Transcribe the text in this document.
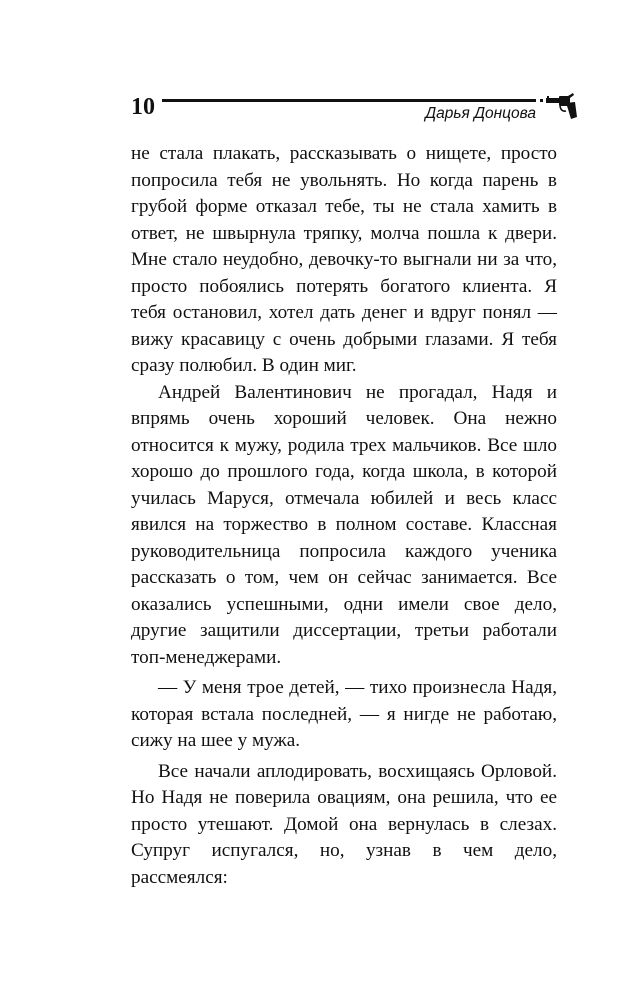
10	Дарья Донцова

не стала плакать, рассказывать о нищете, просто попросила тебя не увольнять. Но когда парень в грубой форме отказал тебе, ты не стала хамить в ответ, не швырнула тряпку, молча пошла к двери. Мне стало неудобно, девочку-то выгнали ни за что, просто побоялись потерять богатого клиента. Я тебя остановил, хотел дать денег и вдруг понял — вижу красавицу с очень добрыми глазами. Я тебя сразу полюбил. В один миг.

Андрей Валентинович не прогадал, Надя и впрямь очень хороший человек. Она нежно относится к мужу, родила трех мальчиков. Все шло хорошо до прошлого года, когда школа, в которой училась Маруся, отмечала юбилей и весь класс явился на торжество в полном составе. Классная руководительница попросила каждого ученика рассказать о том, чем он сейчас занимается. Все оказались успешными, одни имели свое дело, другие защитили диссертации, третьи работали топ-менеджерами.

— У меня трое детей, — тихо произнесла Надя, которая встала последней, — я нигде не работаю, сижу на шее у мужа.

Все начали аплодировать, восхищаясь Орловой. Но Надя не поверила овациям, она решила, что ее просто утешают. Домой она вернулась в слезах. Супруг испугался, но, узнав в чем дело, рассмеялся:
